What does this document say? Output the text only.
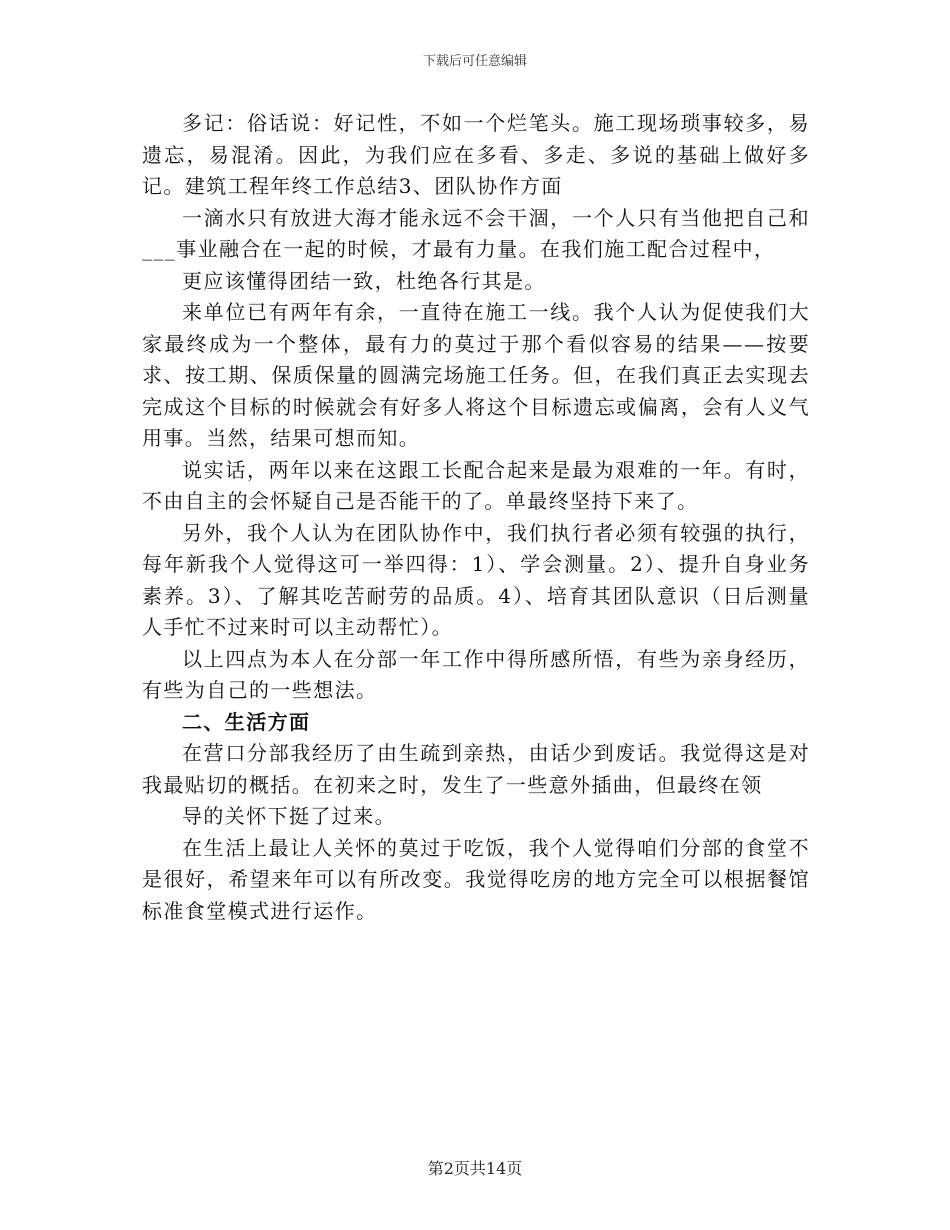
下载后可任意编辑

多记：俗话说：好记性，不如一个烂笔头。施工现场琐事较多，易遗忘，易混淆。因此，为我们应在多看、多走、多说的基础上做好多记。建筑工程年终工作总结3、团队协作方面

一滴水只有放进大海才能永远不会干涸，一个人只有当他把自己和___事业融合在一起的时候，才最有力量。在我们施工配合过程中，

更应该懂得团结一致，杜绝各行其是。

来单位已有两年有余，一直待在施工一线。我个人认为促使我们大家最终成为一个整体，最有力的莫过于那个看似容易的结果——按要求、按工期、保质保量的圆满完场施工任务。但，在我们真正去实现去完成这个目标的时候就会有好多人将这个目标遗忘或偏离，会有人义气用事。当然，结果可想而知。

说实话，两年以来在这跟工长配合起来是最为艰难的一年。有时，不由自主的会怀疑自己是否能干的了。单最终坚持下来了。

另外，我个人认为在团队协作中，我们执行者必须有较强的执行，每年新我个人觉得这可一举四得：1）、学会测量。2）、提升自身业务素养。3）、了解其吃苦耐劳的品质。4）、培育其团队意识（日后测量人手忙不过来时可以主动帮忙）。

以上四点为本人在分部一年工作中得所感所悟，有些为亲身经历，有些为自己的一些想法。

二、生活方面

在营口分部我经历了由生疏到亲热，由话少到废话。我觉得这是对我最贴切的概括。在初来之时，发生了一些意外插曲，但最终在领

导的关怀下挺了过来。

在生活上最让人关怀的莫过于吃饭，我个人觉得咱们分部的食堂不是很好，希望来年可以有所改变。我觉得吃房的地方完全可以根据餐馆标准食堂模式进行运作。

第2页共14页
